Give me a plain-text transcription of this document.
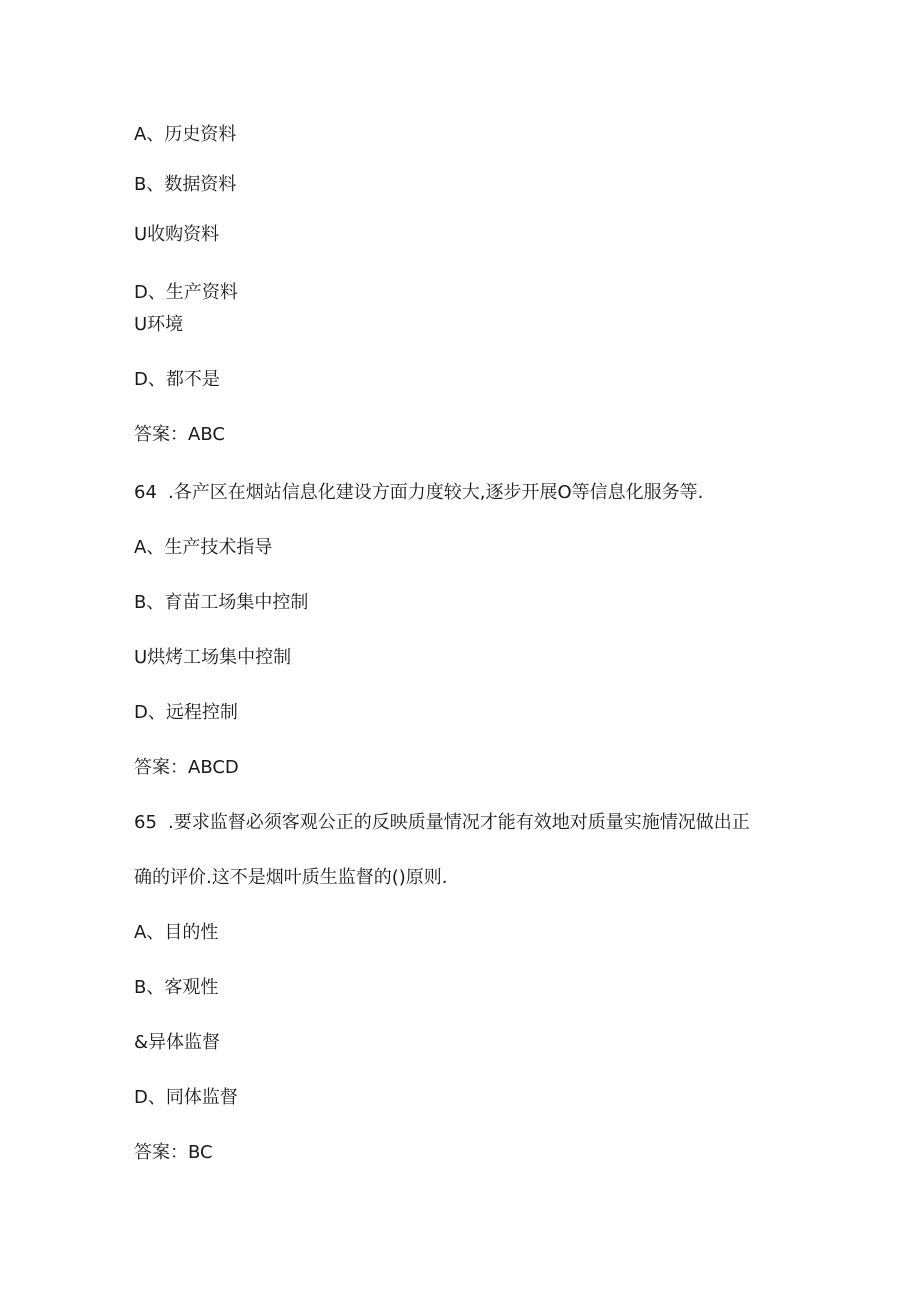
A、历史资料
B、数据资料
U收购资料
D、生产资料
U环境
D、都不是
答案：ABC
64 .各产区在烟站信息化建设方面力度较大,逐步开展O等信息化服务等.
A、生产技术指导
B、育苗工场集中控制
U烘烤工场集中控制
D、远程控制
答案：ABCD
65 .要求监督必须客观公正的反映质量情况才能有效地对质量实施情况做出正
确的评价.这不是烟叶质生监督的()原则.
A、目的性
B、客观性
&异体监督
D、同体监督
答案：BC
